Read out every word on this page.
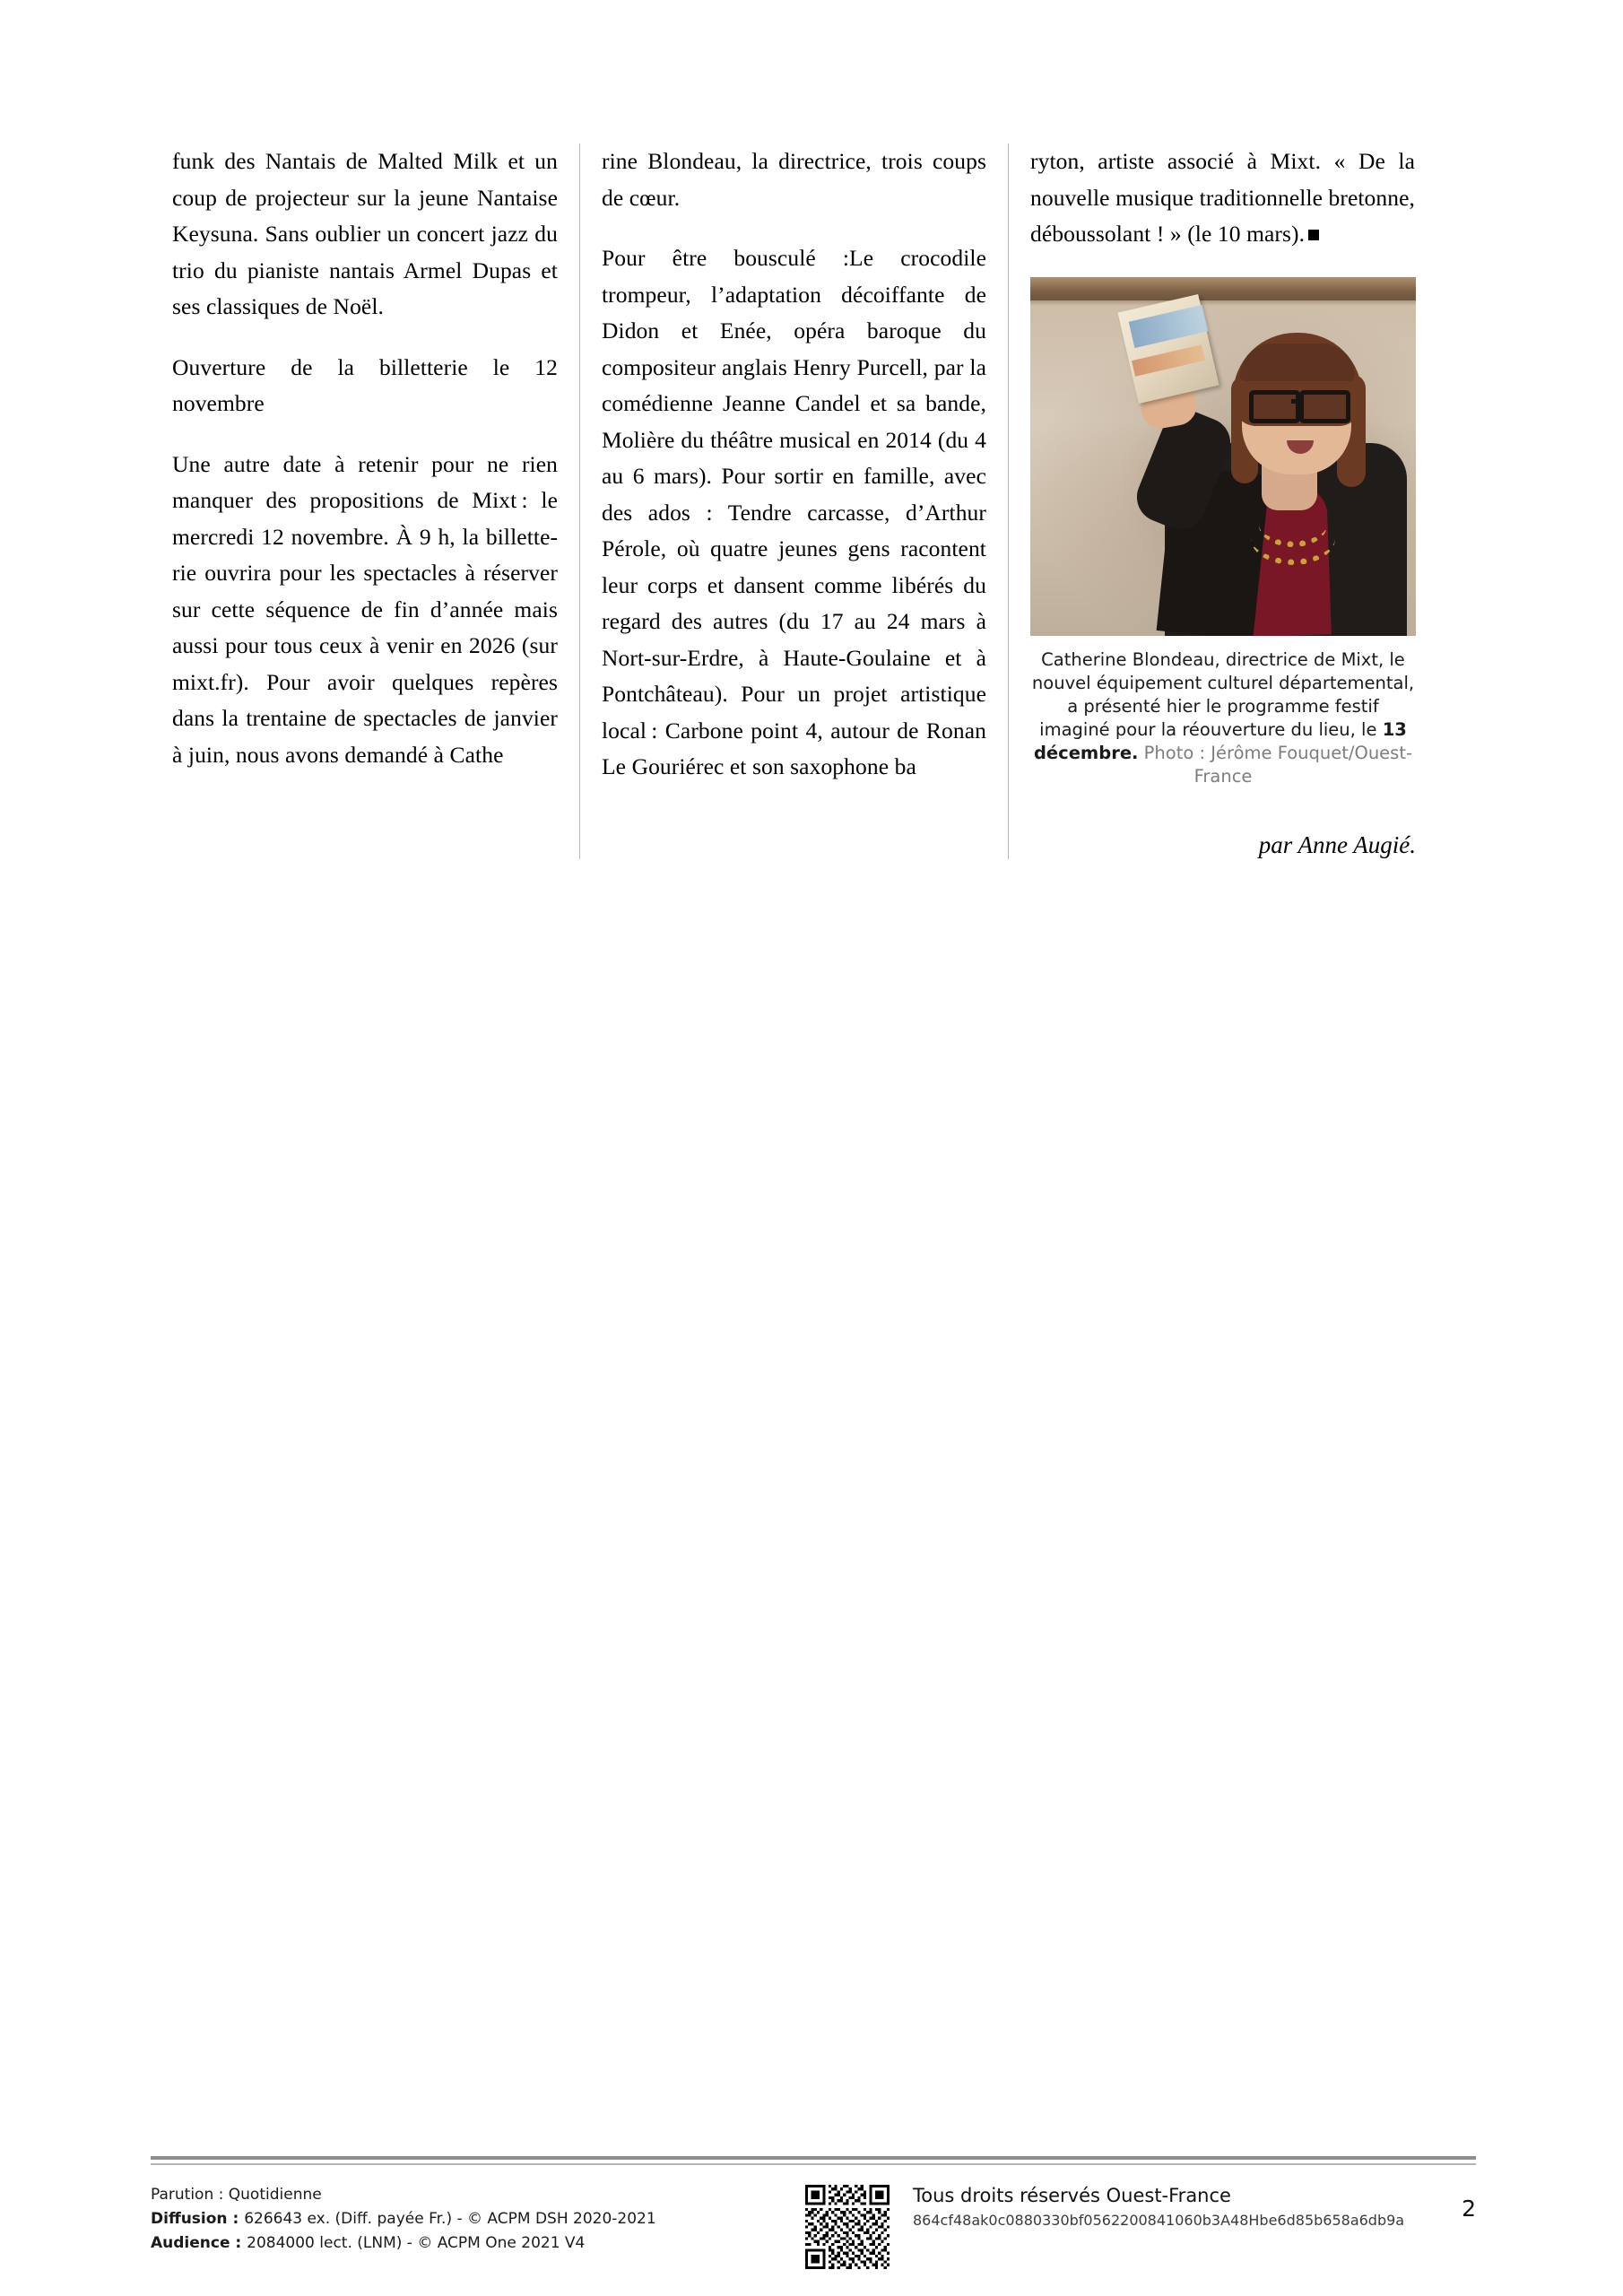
funk des Nantais de Malted Milk et un coup de projecteur sur la jeune Nantaise Keysuna. Sans oublier un concert jazz du trio du pianiste nantais Armel Dupas et ses classiques de Noël.

Ouverture de la billetterie le 12 novembre

Une autre date à retenir pour ne rien manquer des propositions de Mixt : le mercredi 12 novembre. À 9 h, la billetterie ouvrira pour les spectacles à réserver sur cette séquence de fin d’année mais aussi pour tous ceux à venir en 2026 (sur mixt.fr). Pour avoir quelques repères dans la trentaine de spectacles de janvier à juin, nous avons demandé à Cathe

rine Blondeau, la directrice, trois coups de cœur.

Pour être bousculé :Le crocodile trompeur, l’adaptation décoiffante de Didon et Enée, opéra baroque du compositeur anglais Henry Purcell, par la comédienne Jeanne Candel et sa bande, Molière du théâtre musical en 2014 (du 4 au 6 mars). Pour sortir en famille, avec des ados : Tendre carcasse, d’Arthur Pérole, où quatre jeunes gens racontent leur corps et dansent comme libérés du regard des autres (du 17 au 24 mars à Nort-sur-Erdre, à Haute-Goulaine et à Pontchâteau). Pour un projet artistique local : Carbone point 4, autour de Ronan Le Gouriérec et son saxophone ba

ryton, artiste associé à Mixt. « De la nouvelle musique traditionnelle bretonne, déboussolant ! » (le 10 mars).

Catherine Blondeau, directrice de Mixt, le nouvel équipement culturel départemental, a présenté hier le programme festif imaginé pour la réouverture du lieu, le 13 décembre. Photo : Jérôme Fouquet/Ouest-France
par Anne Augié.
Parution : Quotidienne
Diffusion : 626643 ex. (Diff. payée Fr.) - © ACPM DSH 2020-2021
Audience : 2084000 lect. (LNM) - © ACPM One 2021 V4
Tous droits réservés Ouest-France
864cf48ak0c0880330bf0562200841060b3A48Hbe6d85b658a6db9a	2
